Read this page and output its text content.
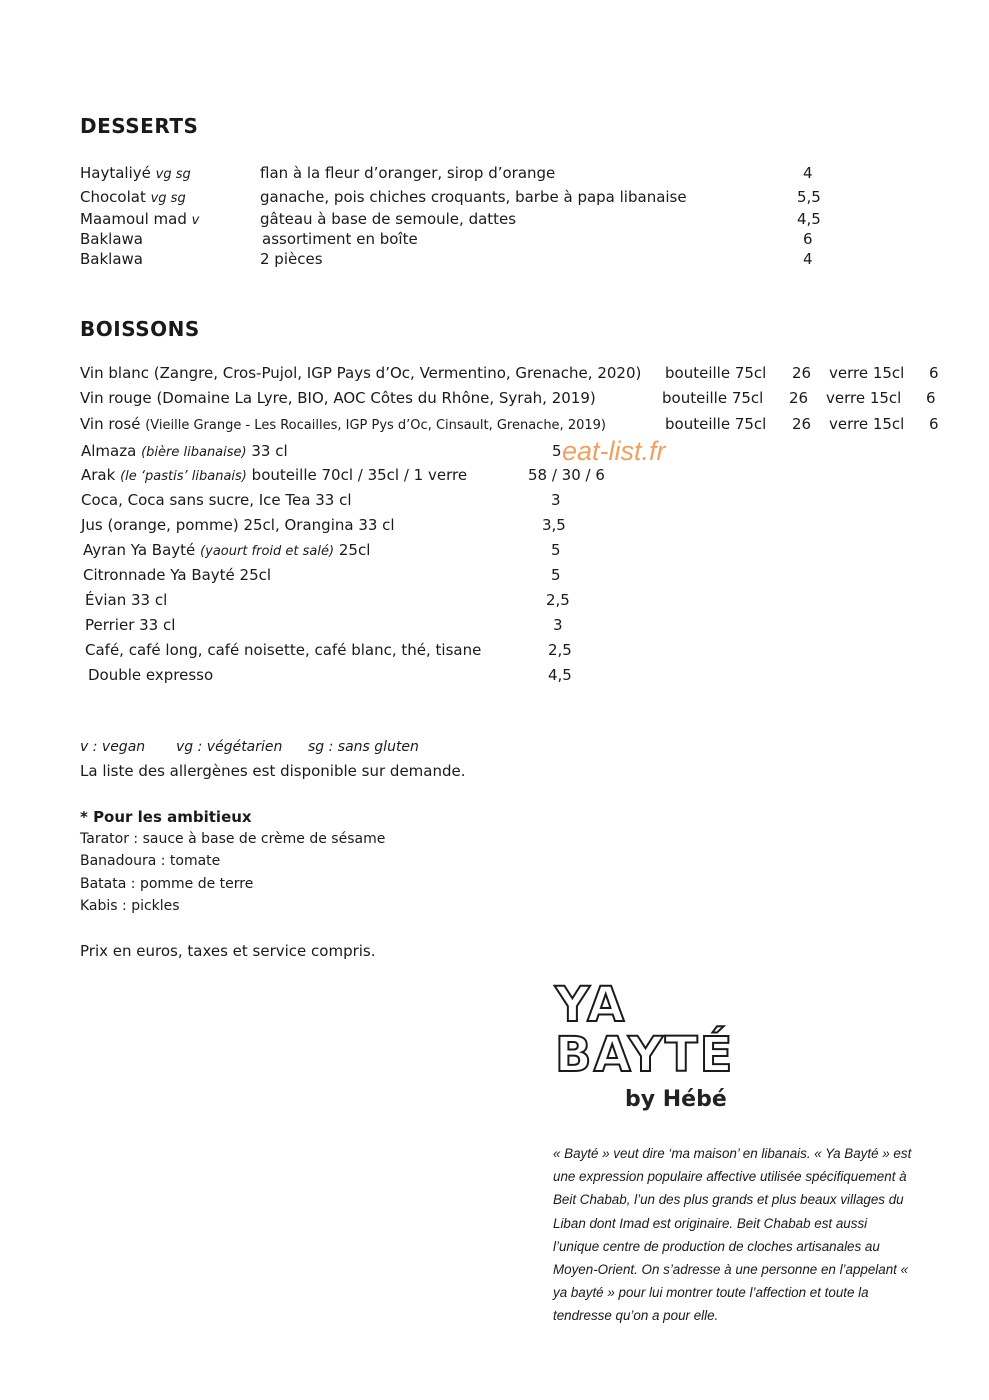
DESSERTS
Haytaliyé vg sg	flan à la fleur d’oranger, sirop d’orange	4
Chocolat vg sg	ganache, pois chiches croquants, barbe à papa libanaise	5,5
Maamoul mad v	gâteau à base de semoule, dattes	4,5
Baklawa	assortiment en boîte	6
Baklawa	2 pièces	4
BOISSONS
Vin blanc (Zangre, Cros-Pujol, IGP Pays d’Oc, Vermentino, Grenache, 2020) bouteille 75cl 26 verre 15cl 6
Vin rouge (Domaine La Lyre, BIO, AOC Côtes du Rhône, Syrah, 2019)	bouteille 75cl 26 verre 15cl 6
Vin rosé (Vieille Grange - Les Rocailles, IGP Pys d’Oc, Cinsault, Grenache, 2019)	bouteille 75cl 26 verre 15cl 6
Almaza (bière libanaise) 33 cl	5
Arak (le ‘pastis’ libanais) bouteille 70cl / 35cl / 1 verre	58 / 30 / 6
Coca, Coca sans sucre, Ice Tea 33 cl	3
Jus (orange, pomme) 25cl, Orangina 33 cl	3,5
Ayran Ya Bayté (yaourt froid et salé) 25cl	5
Citronnade Ya Bayté 25cl	5
Évian 33 cl	2,5
Perrier 33 cl	3
Café, café long, café noisette, café blanc, thé, tisane	2,5
Double expresso	4,5
eat-list.fr
v : vegan vg : végétarien sg : sans gluten
La liste des allergènes est disponible sur demande.
* Pour les ambitieux
Tarator : sauce à base de crème de sésame
Banadoura : tomate
Batata : pomme de terre
Kabis : pickles
Prix en euros, taxes et service compris.
YA
BAYTÉ
by Hébé
« Bayté » veut dire ‘ma maison’ en libanais. « Ya Bayté » est une expression populaire affective utilisée spécifiquement à Beit Chabab, l’un des plus grands et plus beaux villages du Liban dont Imad est originaire. Beit Chabab est aussi l’unique centre de production de cloches artisanales au Moyen-Orient. On s’adresse à une personne en l’appelant « ya bayté » pour lui montrer toute l’affection et toute la tendresse qu’on a pour elle.
